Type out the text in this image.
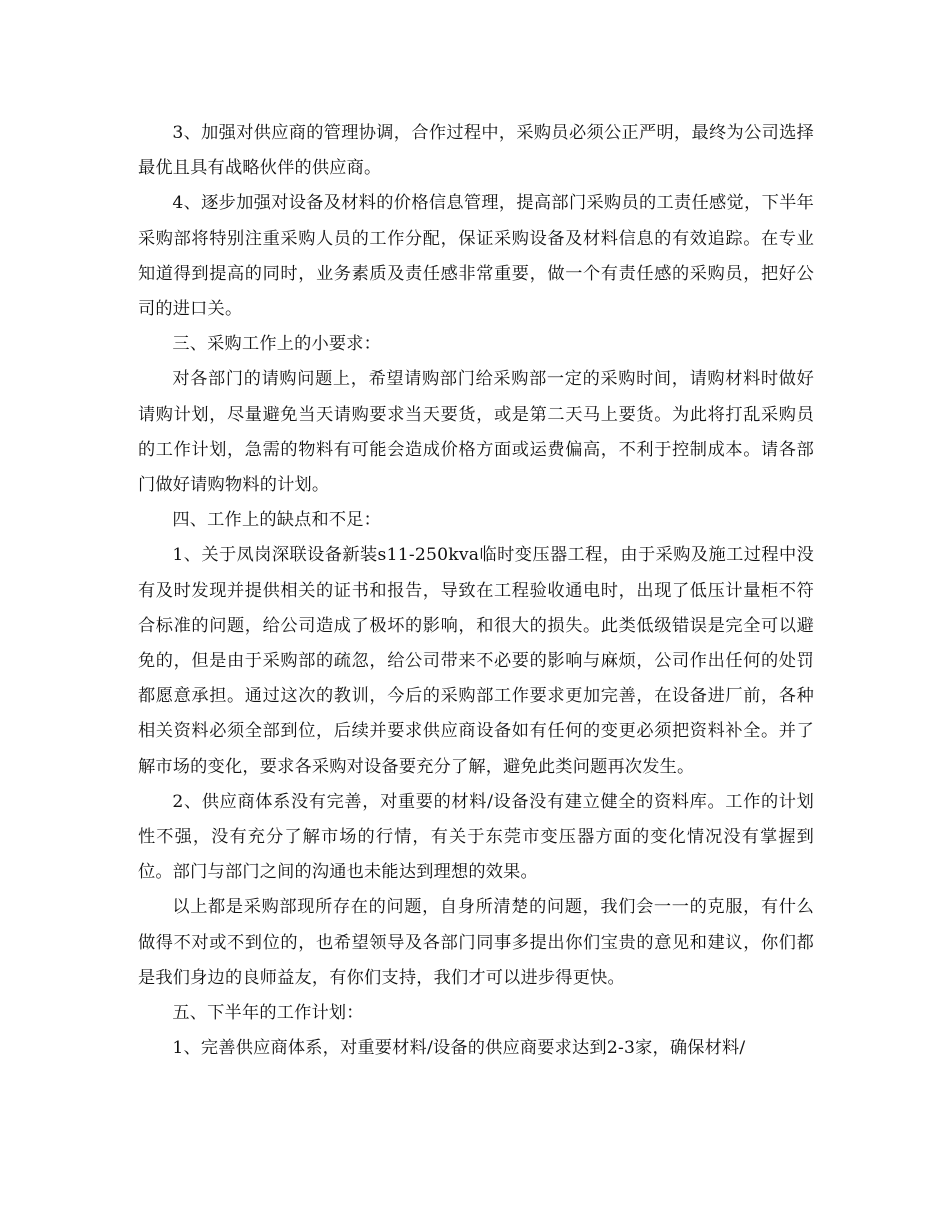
3、加强对供应商的管理协调，合作过程中，采购员必须公正严明，最终为公司选择最优且具有战略伙伴的供应商。

4、逐步加强对设备及材料的价格信息管理，提高部门采购员的工责任感觉，下半年采购部将特别注重采购人员的工作分配，保证采购设备及材料信息的有效追踪。在专业知道得到提高的同时，业务素质及责任感非常重要，做一个有责任感的采购员，把好公司的进口关。

三、采购工作上的小要求：

对各部门的请购问题上，希望请购部门给采购部一定的采购时间，请购材料时做好请购计划，尽量避免当天请购要求当天要货，或是第二天马上要货。为此将打乱采购员的工作计划，急需的物料有可能会造成价格方面或运费偏高，不利于控制成本。请各部门做好请购物料的计划。

四、工作上的缺点和不足：

1、关于凤岗深联设备新装s11-250kva临时变压器工程，由于采购及施工过程中没有及时发现并提供相关的证书和报告，导致在工程验收通电时，出现了低压计量柜不符合标准的问题，给公司造成了极坏的影响，和很大的损失。此类低级错误是完全可以避免的，但是由于采购部的疏忽，给公司带来不必要的影响与麻烦，公司作出任何的处罚都愿意承担。通过这次的教训，今后的采购部工作要求更加完善，在设备进厂前，各种相关资料必须全部到位，后续并要求供应商设备如有任何的变更必须把资料补全。并了解市场的变化，要求各采购对设备要充分了解，避免此类问题再次发生。

2、供应商体系没有完善，对重要的材料/设备没有建立健全的资料库。工作的计划性不强，没有充分了解市场的行情，有关于东莞市变压器方面的变化情况没有掌握到位。部门与部门之间的沟通也未能达到理想的效果。

以上都是采购部现所存在的问题，自身所清楚的问题，我们会一一的克服，有什么做得不对或不到位的，也希望领导及各部门同事多提出你们宝贵的意见和建议，你们都是我们身边的良师益友，有你们支持，我们才可以进步得更快。

五、下半年的工作计划：

1、完善供应商体系，对重要材料/设备的供应商要求达到2-3家，确保材料/
